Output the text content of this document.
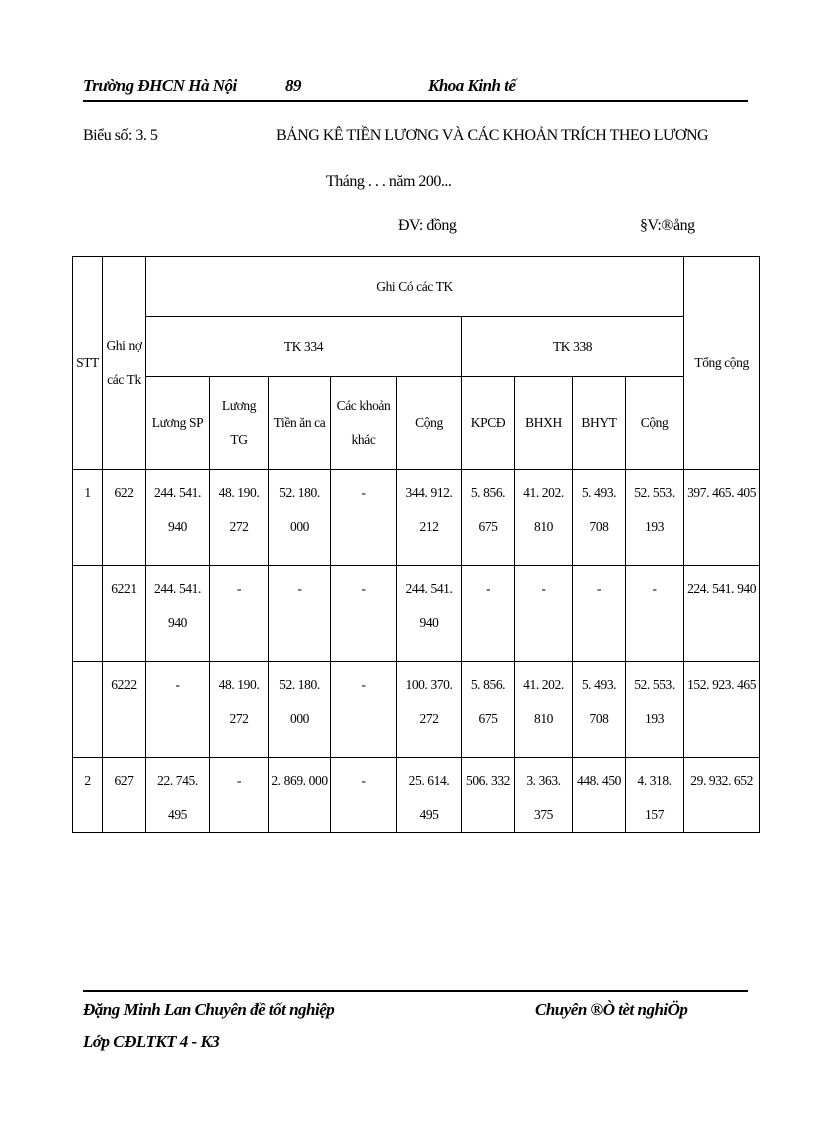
Trường ĐHCN Hà Nội	89	Khoa Kinh tế
Biểu số: 3. 5	BẢNG KÊ TIỀN LƯƠNG VÀ CÁC KHOẢN TRÍCH THEO LƯƠNG
Tháng . . . năm 200...
ĐV: đồng	§V:®ång
STT	Ghi nợ các Tk	Ghi Có các TK									Tổng cộng
		TK 334					TK 338				
		Lương SP	Lương TG	Tiền ăn ca	Các khoản khác	Cộng	KPCĐ	BHXH	BHYT	Cộng	
1	622	244. 541. 940	48. 190. 272	52. 180. 000	-	344. 912. 212	5. 856. 675	41. 202. 810	5. 493. 708	52. 553. 193	397. 465. 405
	6221	244. 541. 940	-	-	-	244. 541. 940	-	-	-	-	224. 541. 940
	6222	-	48. 190. 272	52. 180. 000	-	100. 370. 272	5. 856. 675	41. 202. 810	5. 493. 708	52. 553. 193	152. 923. 465
2	627	22. 745. 495	-	2. 869. 000	-	25. 614. 495	506. 332	3. 363. 375	448. 450	4. 318. 157	29. 932. 652
Đặng Minh Lan Chuyên đề tốt nghiệp
Lớp CĐLTKT 4 - K3
Chuyên ®Ò tèt nghiÖp
